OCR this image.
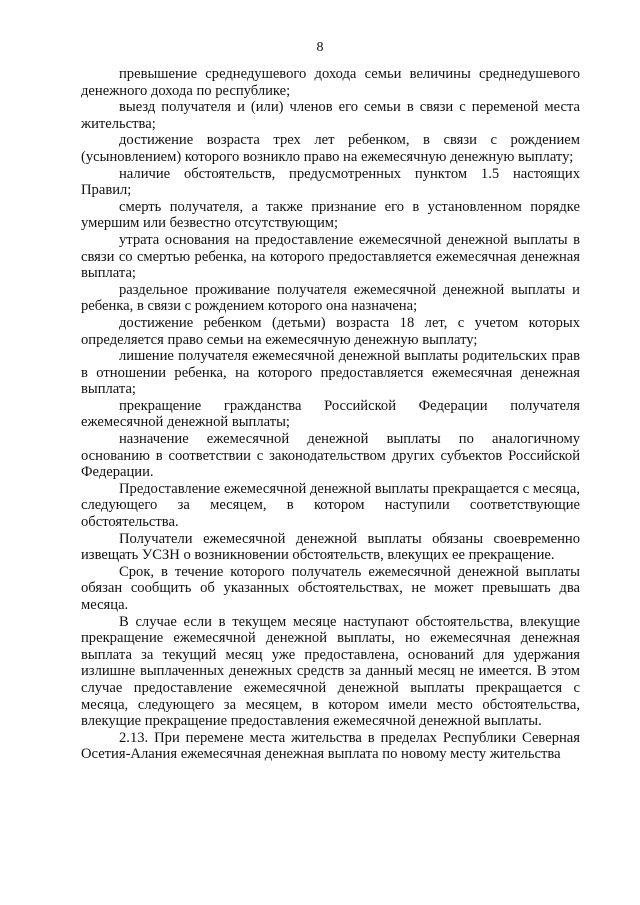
8

превышение среднедушевого дохода семьи величины среднедушевого денежного дохода по республике;

выезд получателя и (или) членов его семьи в связи с переменой места жительства;

достижение возраста трех лет ребенком, в связи с рождением (усыновлением) которого возникло право на ежемесячную денежную выплату;

наличие обстоятельств, предусмотренных пунктом 1.5 настоящих Правил;

смерть получателя, а также признание его в установленном порядке умершим или безвестно отсутствующим;

утрата основания на предоставление ежемесячной денежной выплаты в связи со смертью ребенка, на которого предоставляется ежемесячная денежная выплата;

раздельное проживание получателя ежемесячной денежной выплаты и ребенка, в связи с рождением которого она назначена;

достижение ребенком (детьми) возраста 18 лет, с учетом которых определяется право семьи на ежемесячную денежную выплату;

лишение получателя ежемесячной денежной выплаты родительских прав в отношении ребенка, на которого предоставляется ежемесячная денежная выплата;

прекращение гражданства Российской Федерации получателя ежемесячной денежной выплаты;

назначение ежемесячной денежной выплаты по аналогичному основанию в соответствии с законодательством других субъектов Российской Федерации.

Предоставление ежемесячной денежной выплаты прекращается с месяца, следующего за месяцем, в котором наступили соответствующие обстоятельства.

Получатели ежемесячной денежной выплаты обязаны своевременно извещать УСЗН о возникновении обстоятельств, влекущих ее прекращение.

Срок, в течение которого получатель ежемесячной денежной выплаты обязан сообщить об указанных обстоятельствах, не может превышать два месяца.

В случае если в текущем месяце наступают обстоятельства, влекущие прекращение ежемесячной денежной выплаты, но ежемесячная денежная выплата за текущий месяц уже предоставлена, оснований для удержания излишне выплаченных денежных средств за данный месяц не имеется. В этом случае предоставление ежемесячной денежной выплаты прекращается с месяца, следующего за месяцем, в котором имели место обстоятельства, влекущие прекращение предоставления ежемесячной денежной выплаты.

2.13. При перемене места жительства в пределах Республики Северная Осетия-Алания ежемесячная денежная выплата по новому месту жительства
